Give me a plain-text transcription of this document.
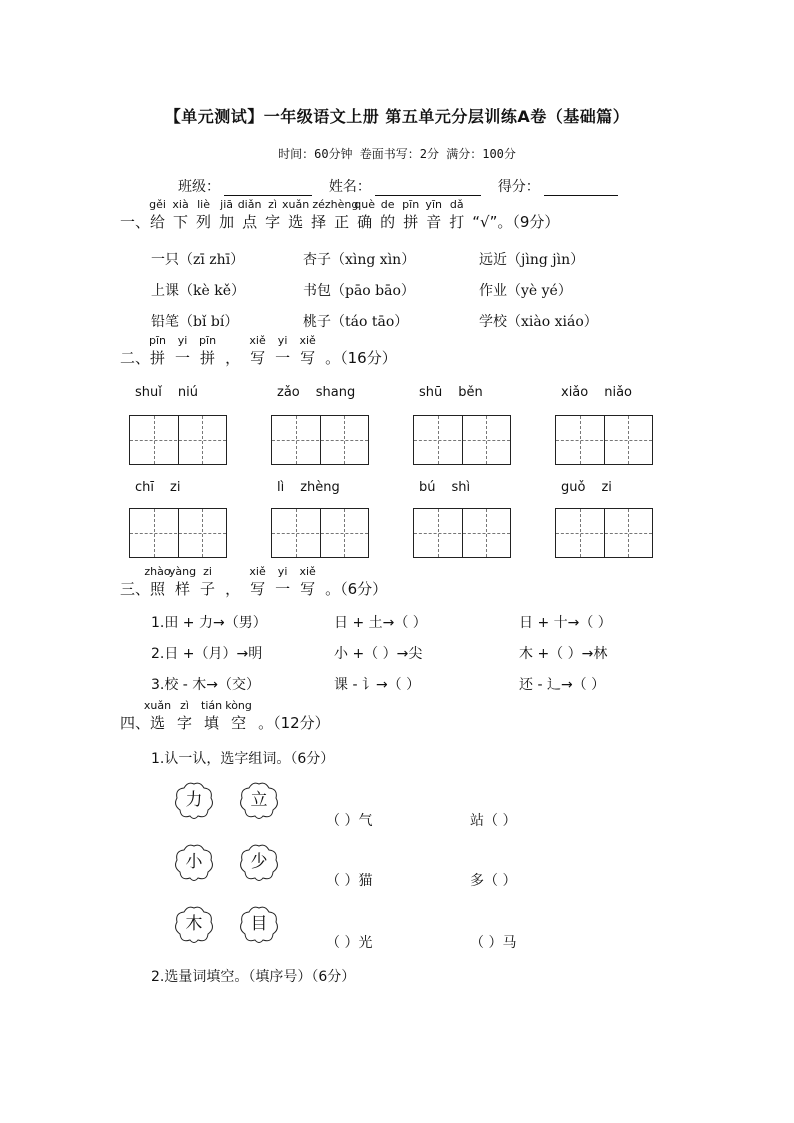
【单元测试】一年级语文上册 第五单元分层训练A卷（基础篇）
时间：60分钟 卷面书写：2分 满分：100分
班级：	姓名：	得分：
一、给
gěi
下
xià
列
liè
加
jiā
点
diǎn
字
zì
选
xuǎn
择
zé
正
zhèng
确
què
的
de
拼
pīn
音
yīn
打
dǎ
“√”。（9分）
一只（zī zhī）	杏子（xìng xìn）	远近（jìng jìn）
上课（kè kě）	书包（pāo bāo）	作业（yè yé）
铅笔（bǐ bí）	桃子（táo tāo）	学校（xiào xiáo）
二、拼
pīn
一
yi
拼
pīn
， 写
xiě
一
yi
写
xiě
。（16分）
shuǐ niú	zǎo shang	shū běn	xiǎo niǎo
chī zi	lì zhèng	bú shì	guǒ zi
三、照
zhào
样
yàng
子
zi
， 写
xiě
一
yi
写
xiě
。（6分）
1.田 + 力→（男）	日 + 土→（ ）	日 + 十→（ ）
2.日 +（月）→明	小 +（ ）→尖	木 +（ ）→林
3.校 - 木→（交）	课 - 讠→（ ）	还 - 辶→（ ）
四、选
xuǎn
字
zì
填
tián
空
kòng
。（12分）
1.认一认，选字组词。（6分）
力	立
小	少
木	目
（ ）气	站（ ）
（ ）猫	多（ ）
（ ）光	（ ）马
2.选量词填空。（填序号）（6分）
